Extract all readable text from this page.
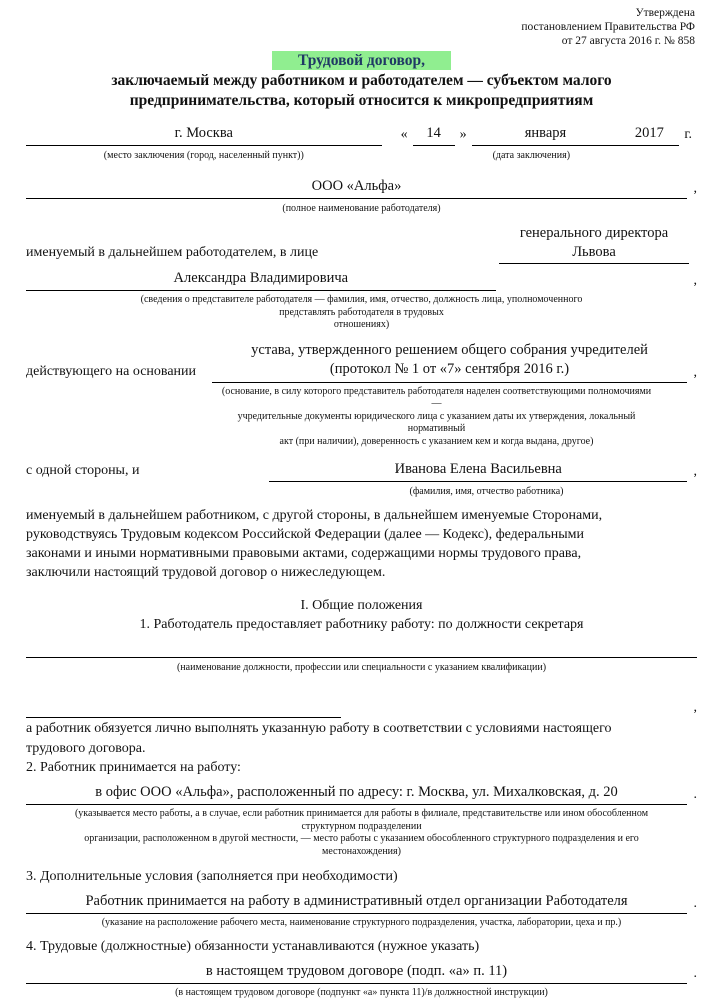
Утверждена
постановлением Правительства РФ
от 27 августа 2016 г. № 858
Трудовой договор,
заключаемый между работником и работодателем — субъектом малого предпринимательства, который относится к микропредприятиям
г. Москва
(место заключения (город, населенный пункт))
«	14	»	января	2017	г.
(дата заключения)
ООО «Альфа»	,
(полное наименование работодателя)
именуемый в дальнейшем работодателем, в лице
генерального директора
Львова
Александра Владимировича	,
(сведения о представителе работодателя — фамилия, имя, отчество, должность лица, уполномоченного
представлять работодателя в трудовых
отношениях)
действующего на основании
устава, утвержденного решением общего собрания учредителей
(протокол № 1 от «7» сентября 2016 г.)	,
(основание, в силу которого представитель работодателя наделен соответствующими полномочиями
—
учредительные документы юридического лица с указанием даты их утверждения, локальный
нормативный
акт (при наличии), доверенность с указанием кем и когда выдана, другое)
с одной стороны, и	Иванова Елена Васильевна	,
(фамилия, имя, отчество работника)
именуемый в дальнейшем работником, с другой стороны, в дальнейшем именуемые Сторонами, руководствуясь Трудовым кодексом Российской Федерации (далее — Кодекс), федеральными законами и иными нормативными правовыми актами, содержащими нормы трудового права, заключили настоящий трудовой договор о нижеследующем.
I. Общие положения
1. Работодатель предоставляет работнику работу: по должности секретаря
(наименование должности, профессии или специальности с указанием квалификации)
,
а работник обязуется лично выполнять указанную работу в соответствии с условиями настоящего трудового договора.
2. Работник принимается на работу:
в офис ООО «Альфа», расположенный по адресу: г. Москва, ул. Михалковская, д. 20	.
(указывается место работы, а в случае, если работник принимается для работы в филиале, представительстве или ином обособленном
структурном подразделении
организации, расположенном в другой местности, — место работы с указанием обособленного структурного подразделения и его
местонахождения)
3. Дополнительные условия (заполняется при необходимости)
Работник принимается на работу в административный отдел организации Работодателя	.
(указание на расположение рабочего места, наименование структурного подразделения, участка, лаборатории, цеха и пр.)
4. Трудовые (должностные) обязанности устанавливаются (нужное указать)
в настоящем трудовом договоре (подп. «а» п. 11)	.
(в настоящем трудовом договоре (подпункт «а» пункта 11)/в должностной инструкции)
